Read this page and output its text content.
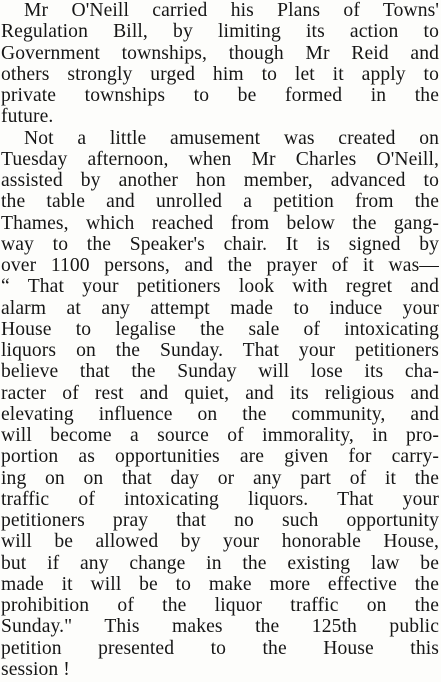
Mr O'Neill carried his Plans of Towns'
Regulation Bill, by limiting its action to
Government townships, though Mr Reid and
others strongly urged him to let it apply to
private townships to be formed in the
future.
Not a little amusement was created on
Tuesday afternoon, when Mr Charles O'Neill,
assisted by another hon member, advanced to
the table and unrolled a petition from the
Thames, which reached from below the gang-
way to the Speaker's chair. It is signed by
over 1100 persons, and the prayer of it was—
“ That your petitioners look with regret and
alarm at any attempt made to induce your
House to legalise the sale of intoxicating
liquors on the Sunday. That your petitioners
believe that the Sunday will lose its cha-
racter of rest and quiet, and its religious and
elevating influence on the community, and
will become a source of immorality, in pro-
portion as opportunities are given for carry-
ing on on that day or any part of it the
traffic of intoxicating liquors. That your
petitioners pray that no such opportunity
will be allowed by your honorable House,
but if any change in the existing law be
made it will be to make more effective the
prohibition of the liquor traffic on the
Sunday." This makes the 125th public
petition presented to the House this
session !
